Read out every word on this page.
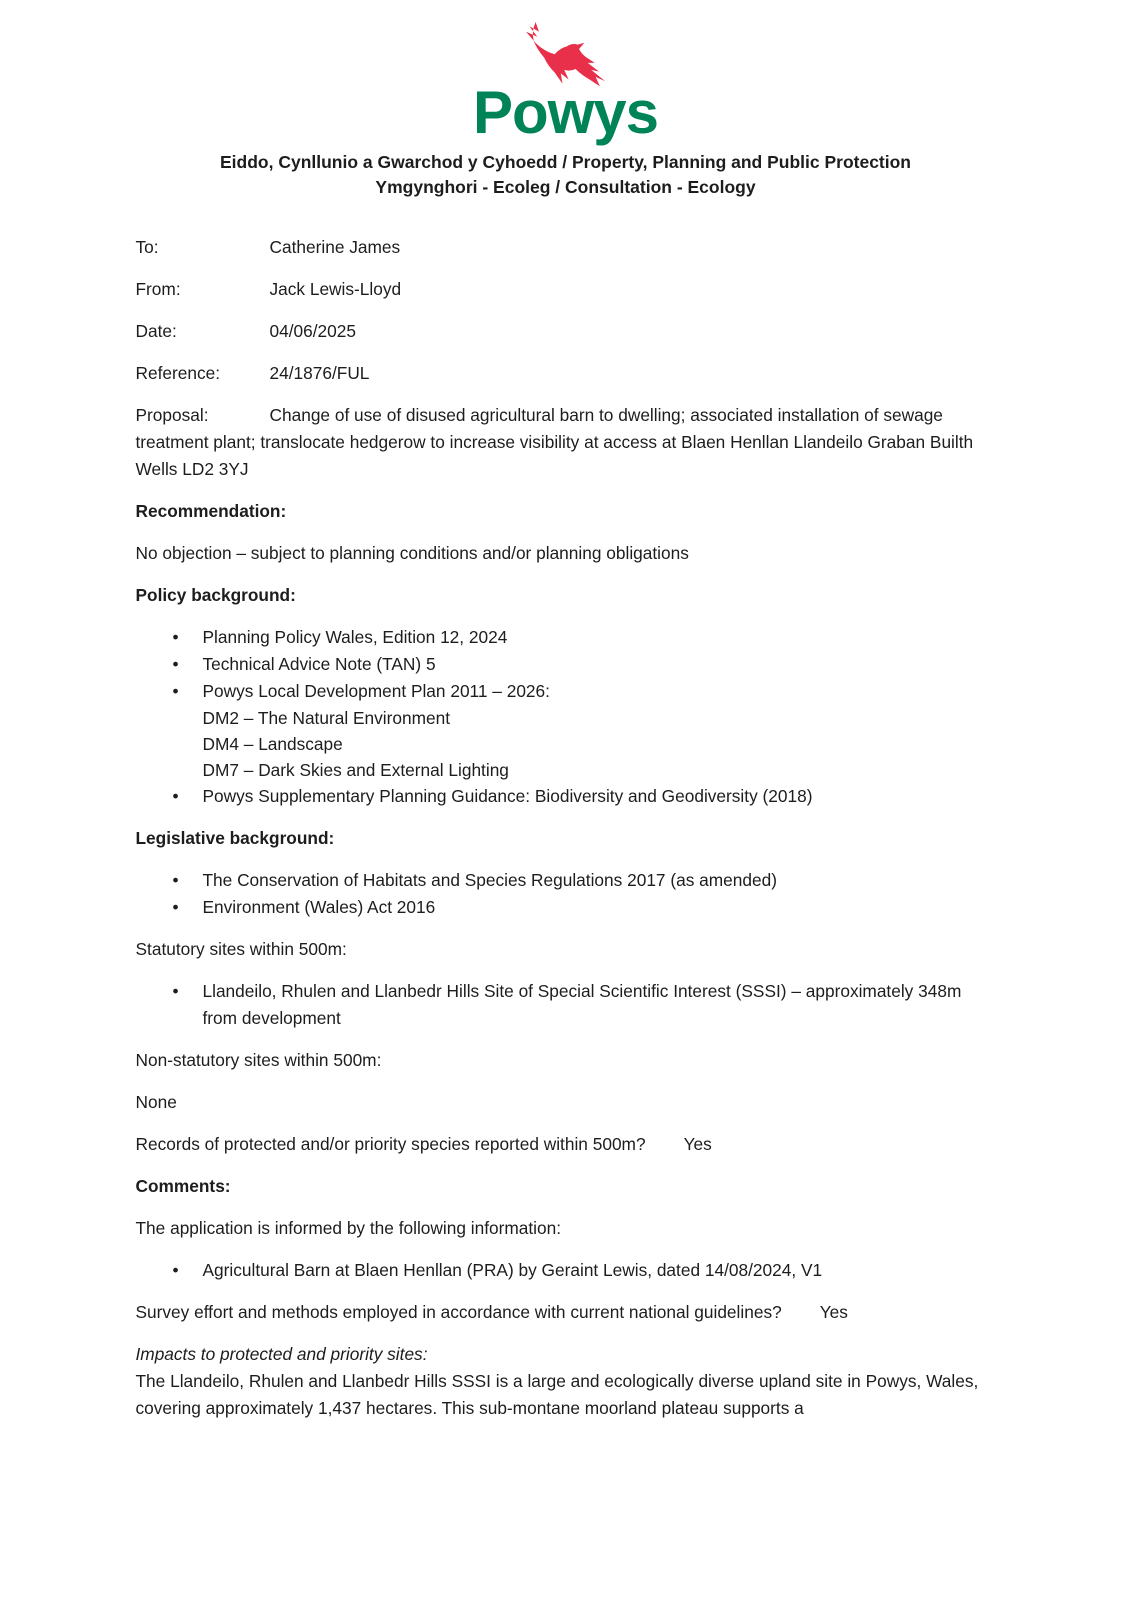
Powys
Eiddo, Cynllunio a Gwarchod y Cyhoedd / Property, Planning and Public Protection
Ymgynghori - Ecoleg / Consultation - Ecology
To:	Catherine James
From:	Jack Lewis-Lloyd
Date:	04/06/2025
Reference:	24/1876/FUL

Proposal:	Change of use of disused agricultural barn to dwelling; associated installation of sewage treatment plant; translocate hedgerow to increase visibility at access at Blaen Henllan Llandeilo Graban Builth Wells LD2 3YJ

Recommendation:

No objection – subject to planning conditions and/or planning obligations

Policy background:

• Planning Policy Wales, Edition 12, 2024
• Technical Advice Note (TAN) 5
• Powys Local Development Plan 2011 – 2026:
DM2 – The Natural Environment
DM4 – Landscape
DM7 – Dark Skies and External Lighting
• Powys Supplementary Planning Guidance: Biodiversity and Geodiversity (2018)

Legislative background:

• The Conservation of Habitats and Species Regulations 2017 (as amended)
• Environment (Wales) Act 2016

Statutory sites within 500m:

• Llandeilo, Rhulen and Llanbedr Hills Site of Special Scientific Interest (SSSI) – approximately 348m from development

Non-statutory sites within 500m:

None

Records of protected and/or priority species reported within 500m? Yes

Comments:

The application is informed by the following information:

• Agricultural Barn at Blaen Henllan (PRA) by Geraint Lewis, dated 14/08/2024, V1

Survey effort and methods employed in accordance with current national guidelines? Yes

Impacts to protected and priority sites:

The Llandeilo, Rhulen and Llanbedr Hills SSSI is a large and ecologically diverse upland site in Powys, Wales, covering approximately 1,437 hectares. This sub-montane moorland plateau supports a
